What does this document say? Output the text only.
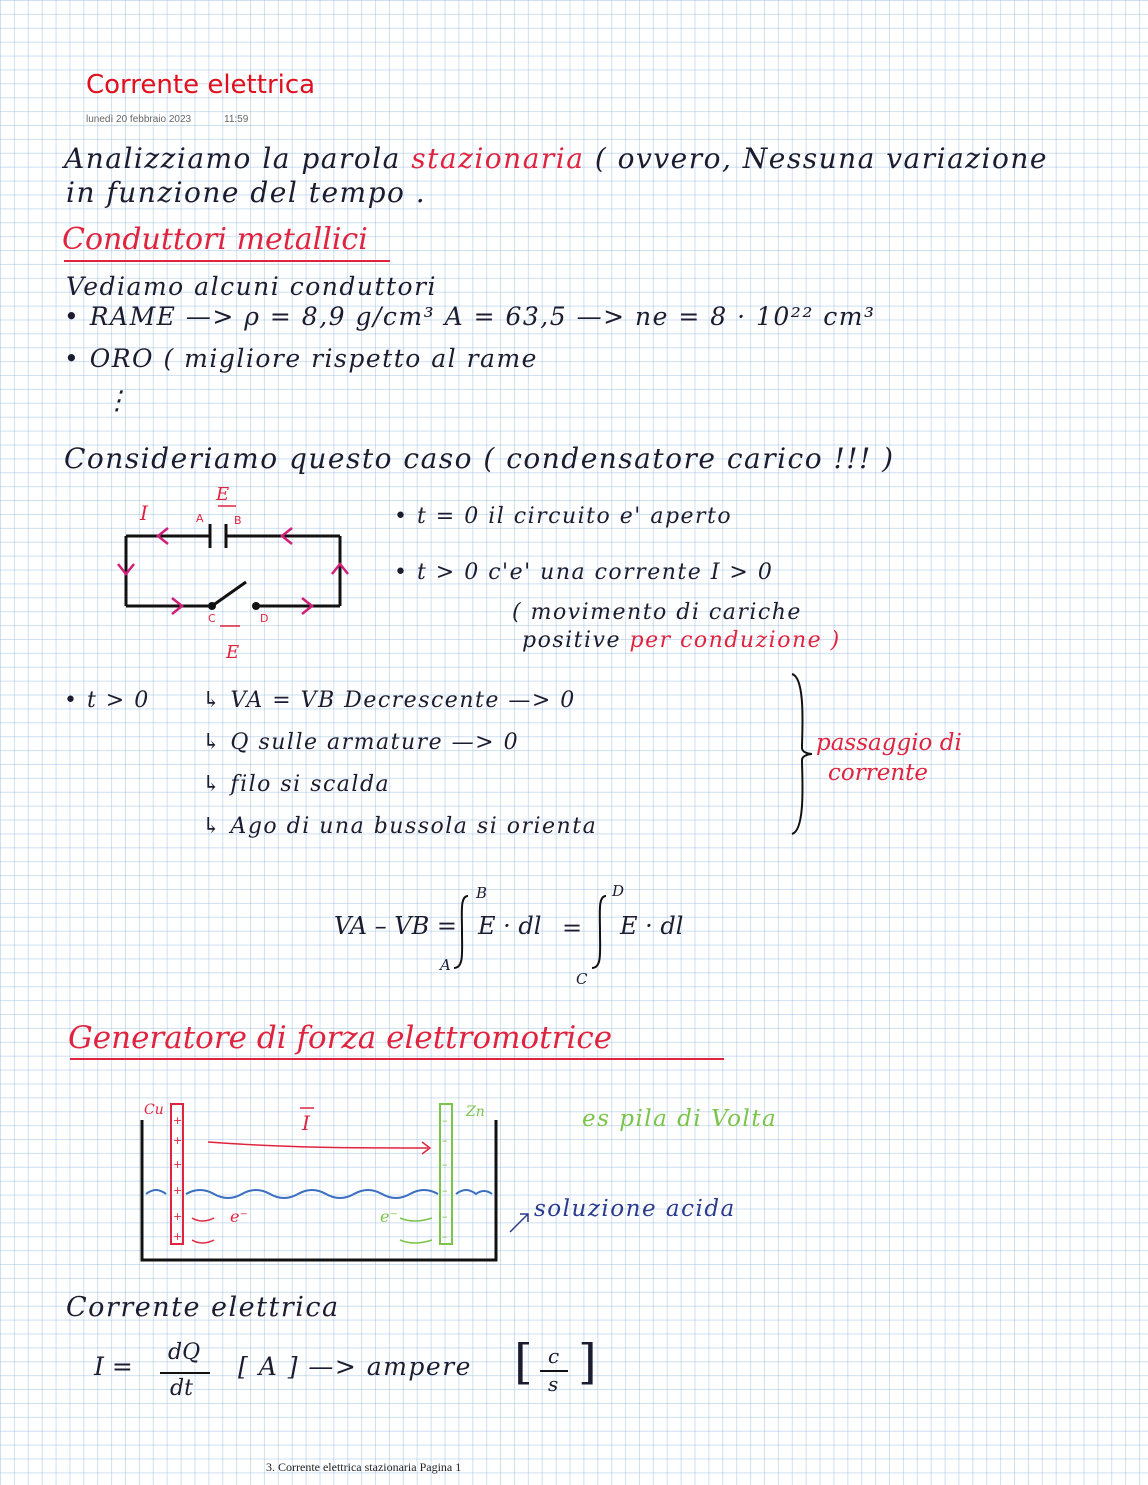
Corrente elettrica
lunedì 20 febbraio 2023	11:59
Analizziamo la parola stazionaria ( ovvero, Nessuna variazione
in funzione del tempo .
Conduttori metallici
Vediamo alcuni conduttori
• RAME —> ρ = 8,9 g/cm³ A = 63,5 —> ne = 8 · 10²² cm³
• ORO ( migliore rispetto al rame
⋮
Consideriamo questo caso ( condensatore carico !!! )
I
E
A	B
C	D
E
• t = 0 il circuito e' aperto
• t > 0 c'e' una corrente I > 0
( movimento di cariche
positive per conduzione )
• t > 0 ↳ VA = VB Decrescente —> 0
↳ Q sulle armature —> 0
↳ filo si scalda
↳ Ago di una bussola si orienta
passaggio di
corrente
VA – VB =
B
A
E · dl =
D
C
E · dl
Generatore di forza elettromotrice
Cu	Zn
I
e⁻	e⁻
+
+
+
+
+
+
–
–
–
–
–
–
es pila di Volta
soluzione acida
Corrente elettrica
I = dQ
dt
[ A ] —> ampere [ c
s ]
3. Corrente elettrica stazionaria Pagina 1
